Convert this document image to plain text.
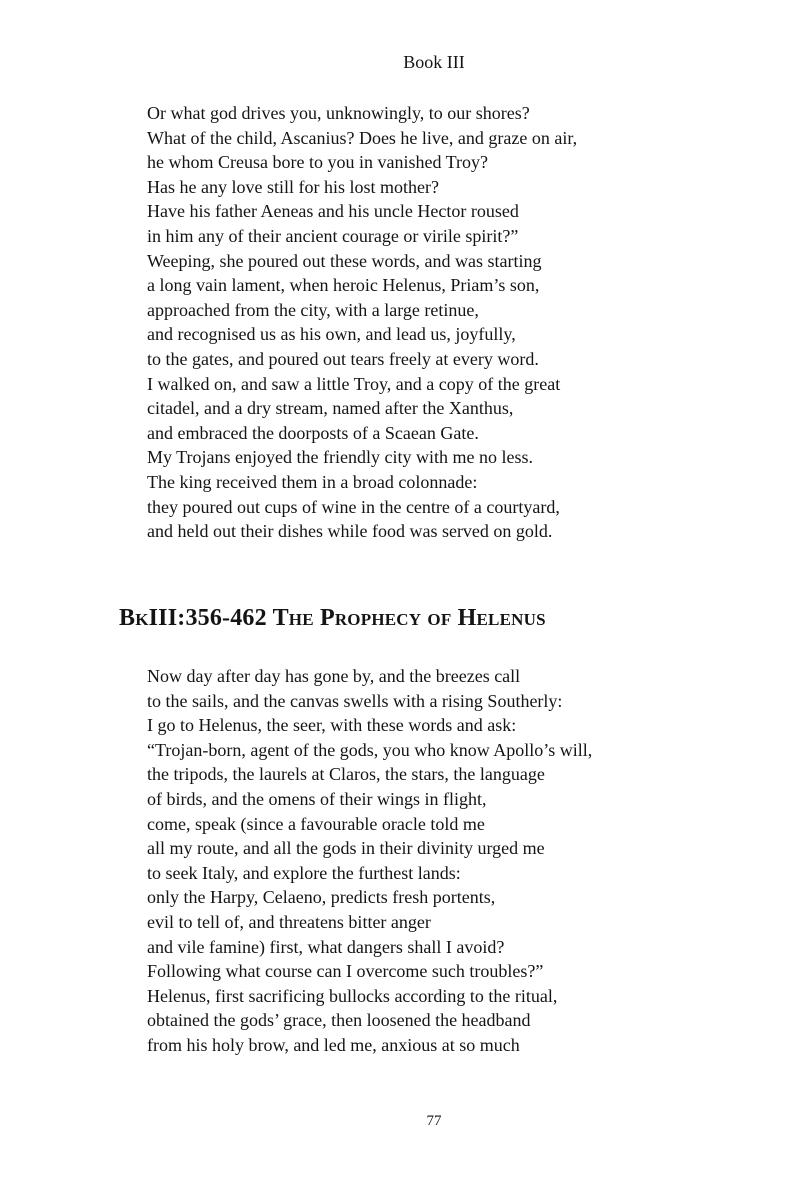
Book III
Or what god drives you, unknowingly, to our shores?
What of the child, Ascanius? Does he live, and graze on air,
he whom Creusa bore to you in vanished Troy?
Has he any love still for his lost mother?
Have his father Aeneas and his uncle Hector roused
in him any of their ancient courage or virile spirit?”
Weeping, she poured out these words, and was starting
a long vain lament, when heroic Helenus, Priam’s son,
approached from the city, with a large retinue,
and recognised us as his own, and lead us, joyfully,
to the gates, and poured out tears freely at every word.
I walked on, and saw a little Troy, and a copy of the great
citadel, and a dry stream, named after the Xanthus,
and embraced the doorposts of a Scaean Gate.
My Trojans enjoyed the friendly city with me no less.
The king received them in a broad colonnade:
they poured out cups of wine in the centre of a courtyard,
and held out their dishes while food was served on gold.
BkIII:356-462 The Prophecy of Helenus
Now day after day has gone by, and the breezes call
to the sails, and the canvas swells with a rising Southerly:
I go to Helenus, the seer, with these words and ask:
“Trojan-born, agent of the gods, you who know Apollo’s will,
the tripods, the laurels at Claros, the stars, the language
of birds, and the omens of their wings in flight,
come, speak (since a favourable oracle told me
all my route, and all the gods in their divinity urged me
to seek Italy, and explore the furthest lands:
only the Harpy, Celaeno, predicts fresh portents,
evil to tell of, and threatens bitter anger
and vile famine) first, what dangers shall I avoid?
Following what course can I overcome such troubles?”
Helenus, first sacrificing bullocks according to the ritual,
obtained the gods’ grace, then loosened the headband
from his holy brow, and led me, anxious at so much
77
